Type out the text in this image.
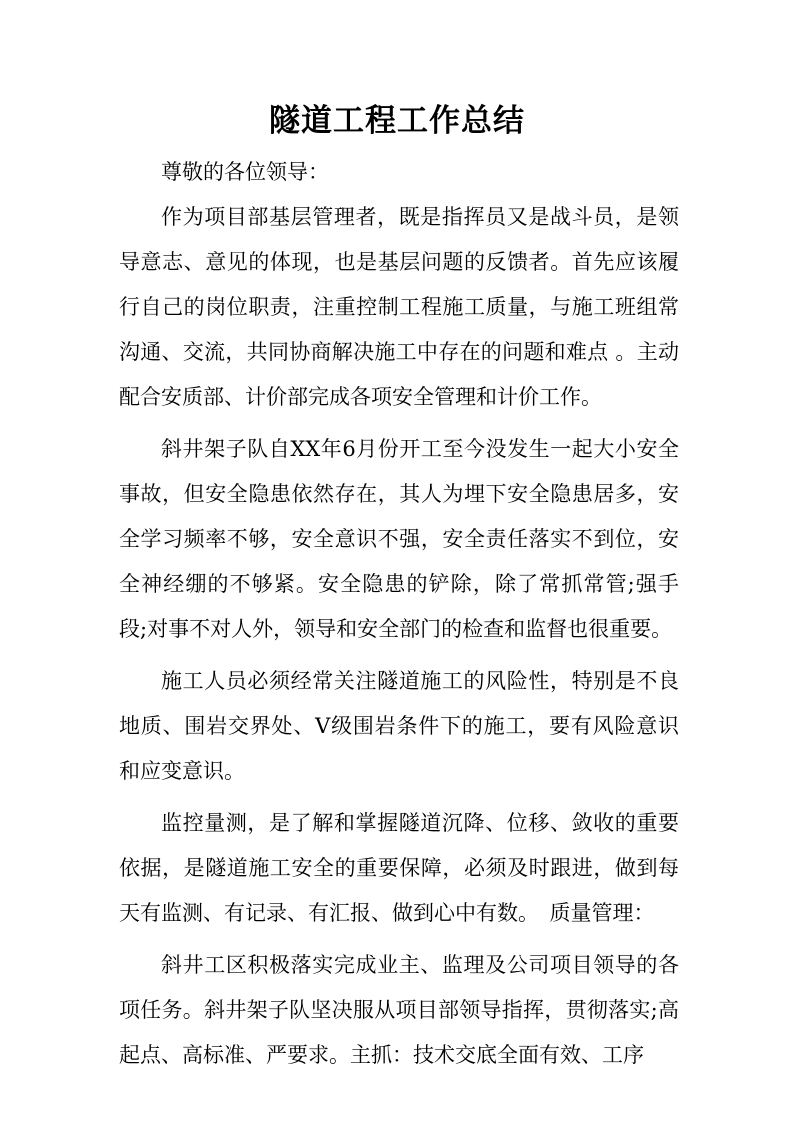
隧道工程工作总结

尊敬的各位领导：

作为项目部基层管理者，既是指挥员又是战斗员，是领导意志、意见的体现，也是基层问题的反馈者。首先应该履行自己的岗位职责，注重控制工程施工质量，与施工班组常沟通、交流，共同协商解决施工中存在的问题和难点 。主动配合安质部、计价部完成各项安全管理和计价工作。

斜井架子队自XX年6月份开工至今没发生一起大小安全事故，但安全隐患依然存在，其人为埋下安全隐患居多，安全学习频率不够，安全意识不强，安全责任落实不到位，安全神经绷的不够紧。安全隐患的铲除，除了常抓常管;强手段;对事不对人外，领导和安全部门的检查和监督也很重要。

施工人员必须经常关注隧道施工的风险性，特别是不良地质、围岩交界处、V级围岩条件下的施工，要有风险意识和应变意识。

监控量测，是了解和掌握隧道沉降、位移、敛收的重要依据，是隧道施工安全的重要保障，必须及时跟进，做到每天有监测、有记录、有汇报、做到心中有数。　质量管理：

斜井工区积极落实完成业主、监理及公司项目领导的各项任务。斜井架子队坚决服从项目部领导指挥，贯彻落实;高起点、高标准、严要求。主抓：技术交底全面有效、工序
